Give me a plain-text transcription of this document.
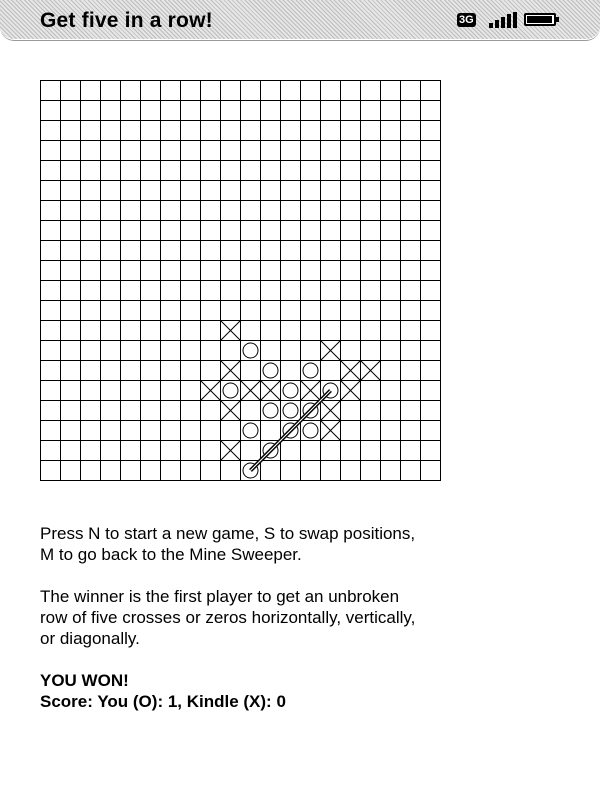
Get five in a row!	3G

Press N to start a new game, S to swap positions,

M to go back to the Mine Sweeper.

The winner is the first player to get an unbroken

row of five crosses or zeros horizontally, vertically,

or diagonally.

YOU WON!

Score: You (O): 1, Kindle (X): 0
